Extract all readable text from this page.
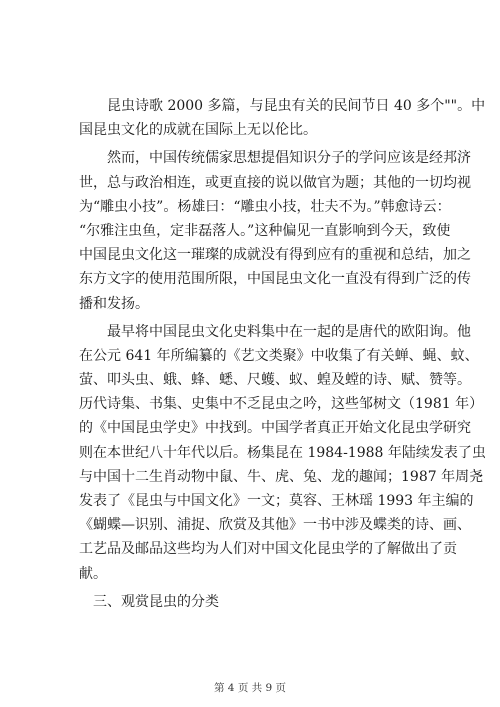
昆虫诗歌 2000 多篇，与昆虫有关的民间节日 40 多个""。中
国昆虫文化的成就在国际上无以伦比。
然而，中国传统儒家思想提倡知识分子的学问应该是经邦济
世，总与政治相连，或更直接的说以做官为题；其他的一切均视
为“雕虫小技”。杨雄曰：“雕虫小技，壮夫不为。”韩愈诗云：
“尔雅注虫鱼，定非磊落人。”这种偏见一直影响到今天，致使
中国昆虫文化这一璀璨的成就没有得到应有的重视和总结，加之
东方文字的使用范围所限，中国昆虫文化一直没有得到广泛的传
播和发扬。
最早将中国昆虫文化史料集中在一起的是唐代的欧阳询。他
在公元 641 年所编纂的《艺文类聚》中收集了有关蝉、蝇、蚊、
萤、叩头虫、蛾、蜂、蟋、尺蠖、蚁、蝗及螳的诗、赋、赞等。
历代诗集、书集、史集中不乏昆虫之吟，这些邹树文（1981 年）
的《中国昆虫学史》中找到。中国学者真正开始文化昆虫学研究
则在本世纪八十年代以后。杨集昆在 1984-1988 年陆续发表了虫
与中国十二生肖动物中鼠、牛、虎、兔、龙的趣闻；1987 年周尧
发表了《昆虫与中国文化》一文；莫容、王林瑶 1993 年主编的
《蝴蝶—识别、浦捉、欣赏及其他》一书中涉及蝶类的诗、画、
工艺品及邮品这些均为人们对中国文化昆虫学的了解做出了贡
献。
三、观赏昆虫的分类
第 4 页 共 9 页
